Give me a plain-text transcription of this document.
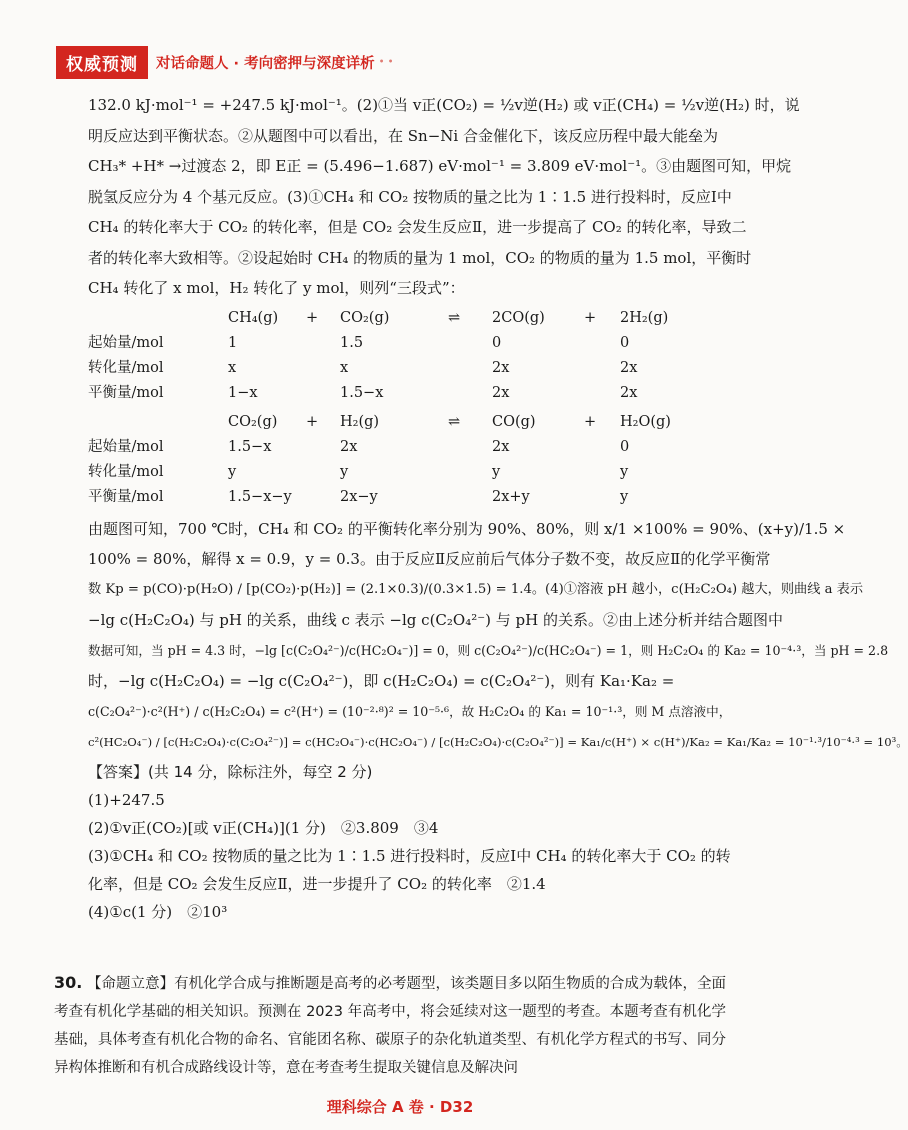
权威预测	对话命题人 · 考向密押与深度详析 • •

132.0 kJ·mol⁻¹ = +247.5 kJ·mol⁻¹。(2)①当 v正(CO₂) = ½v逆(H₂) 或 v正(CH₄) = ½v逆(H₂) 时，说

明反应达到平衡状态。②从题图中可以看出，在 Sn−Ni 合金催化下，该反应历程中最大能垒为

CH₃* +H* →过渡态 2，即 E正 = (5.496−1.687) eV·mol⁻¹ = 3.809 eV·mol⁻¹。③由题图可知，甲烷

脱氢反应分为 4 个基元反应。(3)①CH₄ 和 CO₂ 按物质的量之比为 1∶1.5 进行投料时，反应Ⅰ中

CH₄ 的转化率大于 CO₂ 的转化率，但是 CO₂ 会发生反应Ⅱ，进一步提高了 CO₂ 的转化率，导致二

者的转化率大致相等。②设起始时 CH₄ 的物质的量为 1 mol，CO₂ 的物质的量为 1.5 mol，平衡时

CH₄ 转化了 x mol，H₂ 转化了 y mol，则列“三段式”：

CH₄(g)	+	CO₂(g)	⇌	2CO(g)	+	2H₂(g)
起始量/mol	1	1.5	0	0
转化量/mol	x	x	2x	2x
平衡量/mol	1−x	1.5−x	2x	2x
CO₂(g)	+	H₂(g)	⇌	CO(g)	+	H₂O(g)
起始量/mol	1.5−x	2x	2x	0
转化量/mol	y	y	y	y
平衡量/mol	1.5−x−y	2x−y	2x+y	y

由题图可知，700 ℃时，CH₄ 和 CO₂ 的平衡转化率分别为 90%、80%，则 x/1 ×100% = 90%、(x+y)/1.5 ×

100% = 80%，解得 x = 0.9，y = 0.3。由于反应Ⅱ反应前后气体分子数不变，故反应Ⅱ的化学平衡常

数 Kp = p(CO)·p(H₂O) / [p(CO₂)·p(H₂)] = (2.1×0.3)/(0.3×1.5) = 1.4。(4)①溶液 pH 越小，c(H₂C₂O₄) 越大，则曲线 a 表示

−lg c(H₂C₂O₄) 与 pH 的关系，曲线 c 表示 −lg c(C₂O₄²⁻) 与 pH 的关系。②由上述分析并结合题图中

数据可知，当 pH = 4.3 时，−lg [c(C₂O₄²⁻)/c(HC₂O₄⁻)] = 0，则 c(C₂O₄²⁻)/c(HC₂O₄⁻) = 1，则 H₂C₂O₄ 的 Ka₂ = 10⁻⁴·³，当 pH = 2.8

时，−lg c(H₂C₂O₄) = −lg c(C₂O₄²⁻)，即 c(H₂C₂O₄) = c(C₂O₄²⁻)，则有 Ka₁·Ka₂ =

c(C₂O₄²⁻)·c²(H⁺) / c(H₂C₂O₄) = c²(H⁺) = (10⁻²·⁸)² = 10⁻⁵·⁶，故 H₂C₂O₄ 的 Ka₁ = 10⁻¹·³，则 M 点溶液中，

c²(HC₂O₄⁻) / [c(H₂C₂O₄)·c(C₂O₄²⁻)] = c(HC₂O₄⁻)·c(HC₂O₄⁻) / [c(H₂C₂O₄)·c(C₂O₄²⁻)] = Ka₁/c(H⁺) × c(H⁺)/Ka₂ = Ka₁/Ka₂ = 10⁻¹·³/10⁻⁴·³ = 10³。

【答案】(共 14 分，除标注外，每空 2 分)

(1)+247.5

(2)①v正(CO₂)[或 v正(CH₄)](1 分)　②3.809　③4

(3)①CH₄ 和 CO₂ 按物质的量之比为 1∶1.5 进行投料时，反应Ⅰ中 CH₄ 的转化率大于 CO₂ 的转

化率，但是 CO₂ 会发生反应Ⅱ，进一步提升了 CO₂ 的转化率　②1.4

(4)①c(1 分)　②10³

30. 【命题立意】有机化学合成与推断题是高考的必考题型，该类题目多以陌生物质的合成为载体，全面考查有机化学基础的相关知识。预测在 2023 年高考中，将会延续对这一题型的考查。本题考查有机化学基础，具体考查有机化合物的命名、官能团名称、碳原子的杂化轨道类型、有机化学方程式的书写、同分异构体推断和有机合成路线设计等，意在考查考生提取关键信息及解决问

理科综合 A 卷 · D32
